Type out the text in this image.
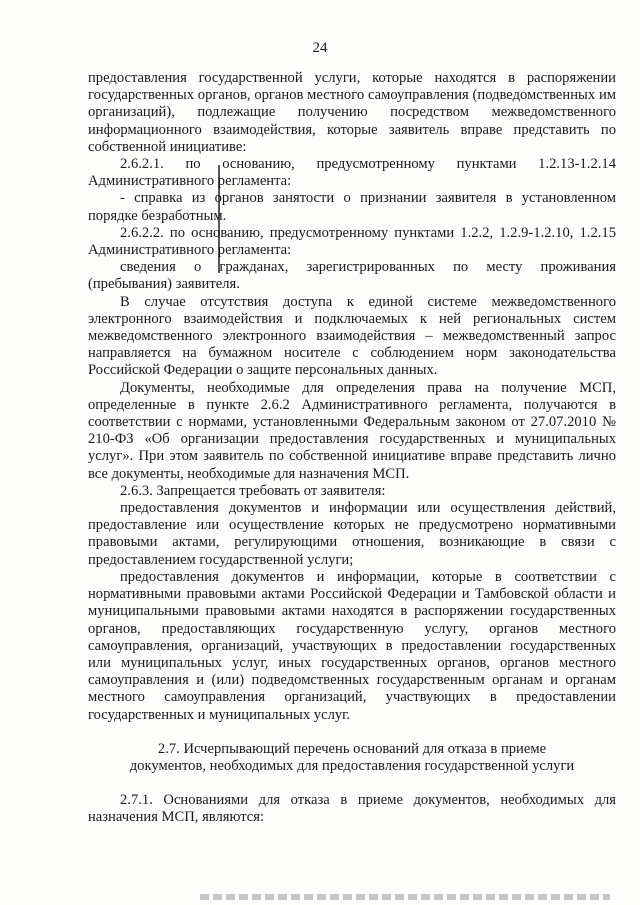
24

предоставления государственной услуги, которые находятся в распоряжении государственных органов, органов местного самоуправления (подведомственных им организаций), подлежащие получению посредством межведомственного информационного взаимодействия, которые заявитель вправе представить по собственной инициативе:

2.6.2.1. по основанию, предусмотренному пунктами 1.2.13-1.2.14 Административного регламента:

- справка из органов занятости о признании заявителя в установленном порядке безработным.

2.6.2.2. по основанию, предусмотренному пунктами 1.2.2, 1.2.9-1.2.10, 1.2.15 Административного регламента:

сведения о гражданах, зарегистрированных по месту проживания (пребывания) заявителя.

В случае отсутствия доступа к единой системе межведомственного электронного взаимодействия и подключаемых к ней региональных систем межведомственного электронного взаимодействия – межведомственный запрос направляется на бумажном носителе с соблюдением норм законодательства Российской Федерации о защите персональных данных.

Документы, необходимые для определения права на получение МСП, определенные в пункте 2.6.2 Административного регламента, получаются в соответствии с нормами, установленными Федеральным законом от 27.07.2010 № 210-ФЗ «Об организации предоставления государственных и муниципальных услуг». При этом заявитель по собственной инициативе вправе представить лично все документы, необходимые для назначения МСП.

2.6.3. Запрещается требовать от заявителя:

предоставления документов и информации или осуществления действий, предоставление или осуществление которых не предусмотрено нормативными правовыми актами, регулирующими отношения, возникающие в связи с предоставлением государственной услуги;

предоставления документов и информации, которые в соответствии с нормативными правовыми актами Российской Федерации и Тамбовской области и муниципальными правовыми актами находятся в распоряжении государственных органов, предоставляющих государственную услугу, органов местного самоуправления, организаций, участвующих в предоставлении государственных или муниципальных услуг, иных государственных органов, органов местного самоуправления и (или) подведомственных государственным органам и органам местного самоуправления организаций, участвующих в предоставлении государственных и муниципальных услуг.

2.7. Исчерпывающий перечень оснований для отказа в приеме

документов, необходимых для предоставления государственной услуги

2.7.1. Основаниями для отказа в приеме документов, необходимых для назначения МСП, являются:
